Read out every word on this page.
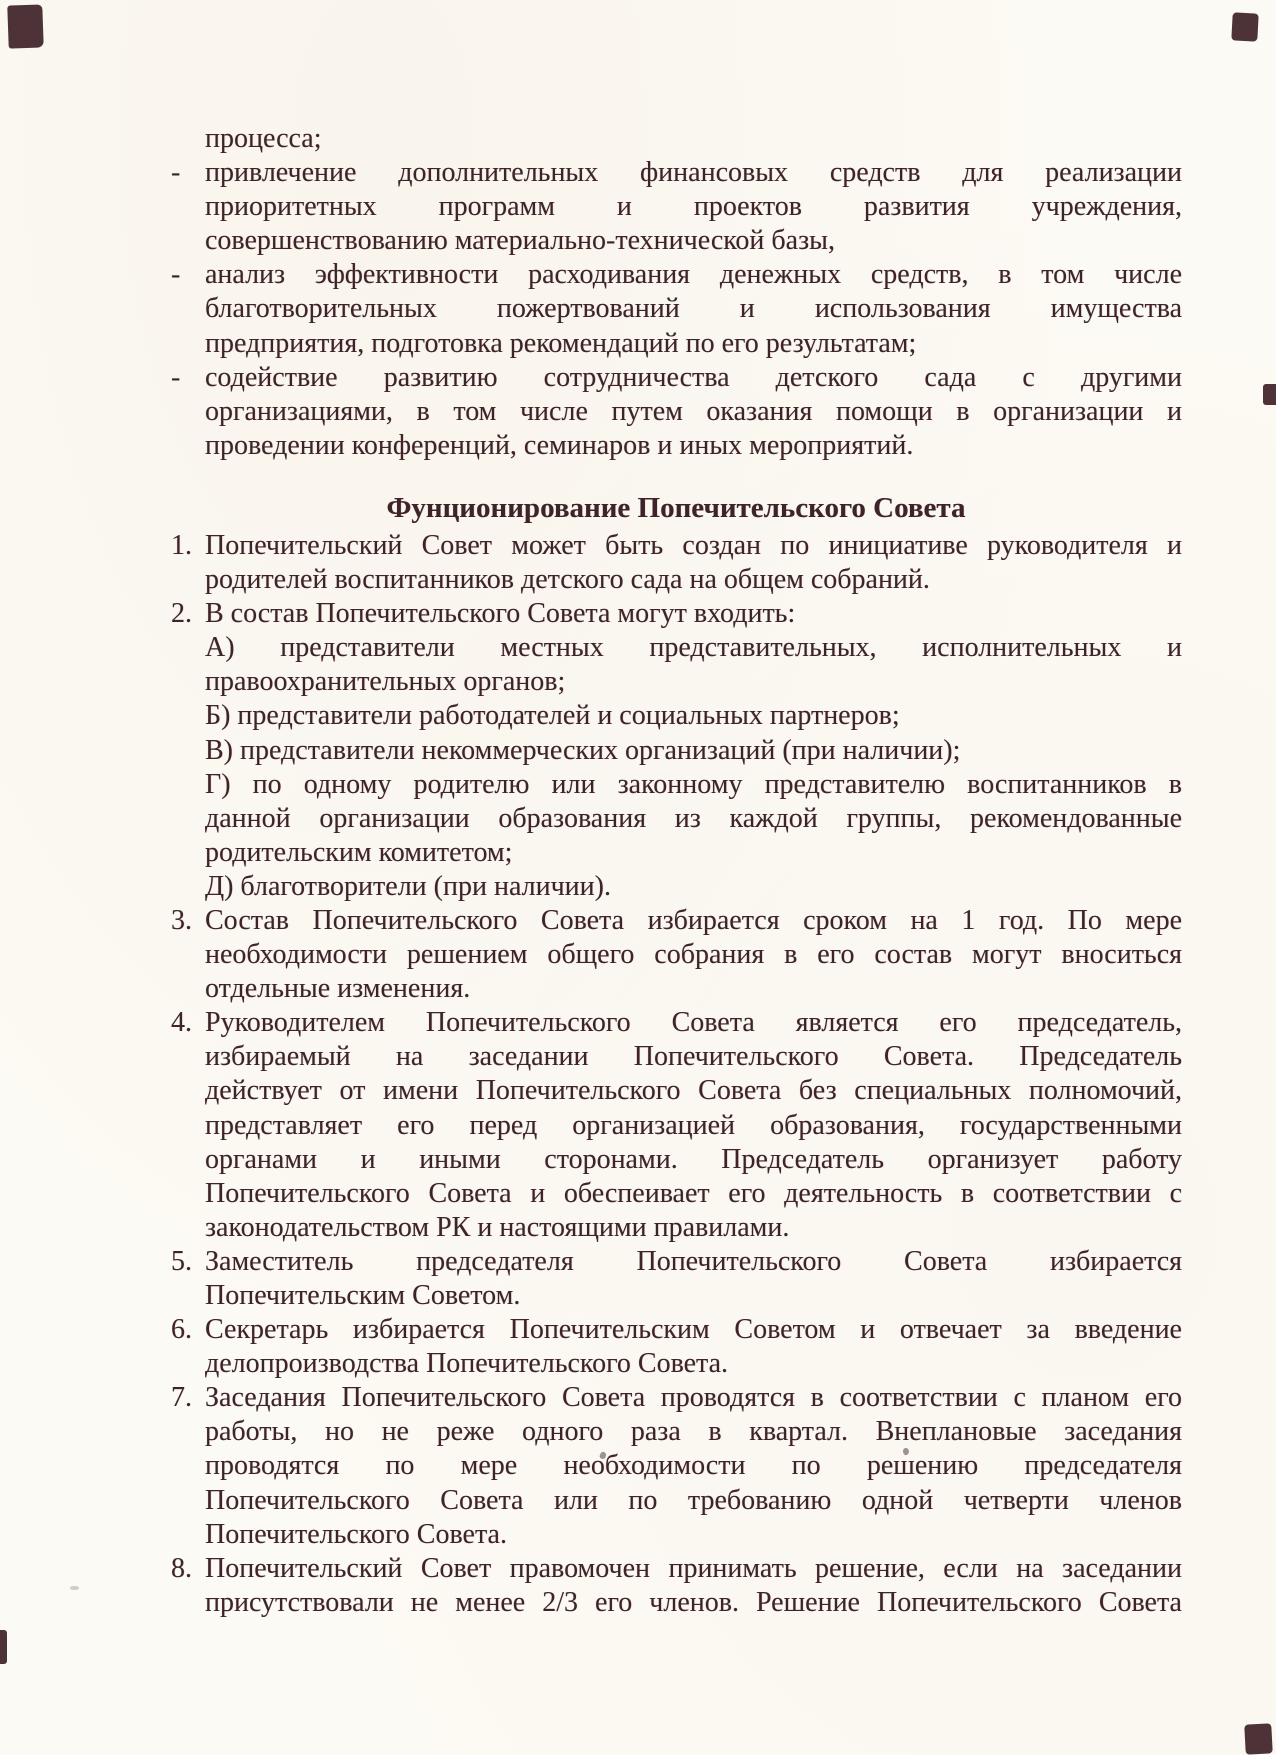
процесса;
- привлечение дополнительных финансовых средств для реализации
приоритетных программ и проектов развития учреждения,
совершенствованию материально-технической базы,
- анализ эффективности расходивания денежных средств, в том числе
благотворительных пожертвований и использования имущества
предприятия, подготовка рекомендаций по его результатам;
- содействие развитию сотрудничества детского сада с другими
организациями, в том числе путем оказания помощи в организации и
проведении конференций, семинаров и иных мероприятий.
Фунционирование Попечительского Совета
1. Попечительский Совет может быть создан по инициативе руководителя и
родителей воспитанников детского сада на общем собраний.
2. В состав Попечительского Совета могут входить:
А) представители местных представительных, исполнительных и
правоохранительных органов;
Б) представители работодателей и социальных партнеров;
В) представители некоммерческих организаций (при наличии);
Г) по одному родителю или законному представителю воспитанников в
данной организации образования из каждой группы, рекомендованные
родительским комитетом;
Д) благотворители (при наличии).
3. Состав Попечительского Совета избирается сроком на 1 год. По мере
необходимости решением общего собрания в его состав могут вноситься
отдельные изменения.
4. Руководителем Попечительского Совета является его председатель,
избираемый на заседании Попечительского Совета. Председатель
действует от имени Попечительского Совета без специальных полномочий,
представляет его перед организацией образования, государственными
органами и иными сторонами. Председатель организует работу
Попечительского Совета и обеспеивает его деятельность в соответствии с
законодательством РК и настоящими правилами.
5. Заместитель председателя Попечительского Совета избирается
Попечительским Советом.
6. Секретарь избирается Попечительским Советом и отвечает за введение
делопроизводства Попечительского Совета.
7. Заседания Попечительского Совета проводятся в соответствии с планом его
работы, но не реже одного раза в квартал. Внеплановые заседания
проводятся по мере необходимости по решению председателя
Попечительского Совета или по требованию одной четверти членов
Попечительского Совета.
8. Попечительский Совет правомочен принимать решение, если на заседании
присутствовали не менее 2/3 его членов. Решение Попечительского Совета
